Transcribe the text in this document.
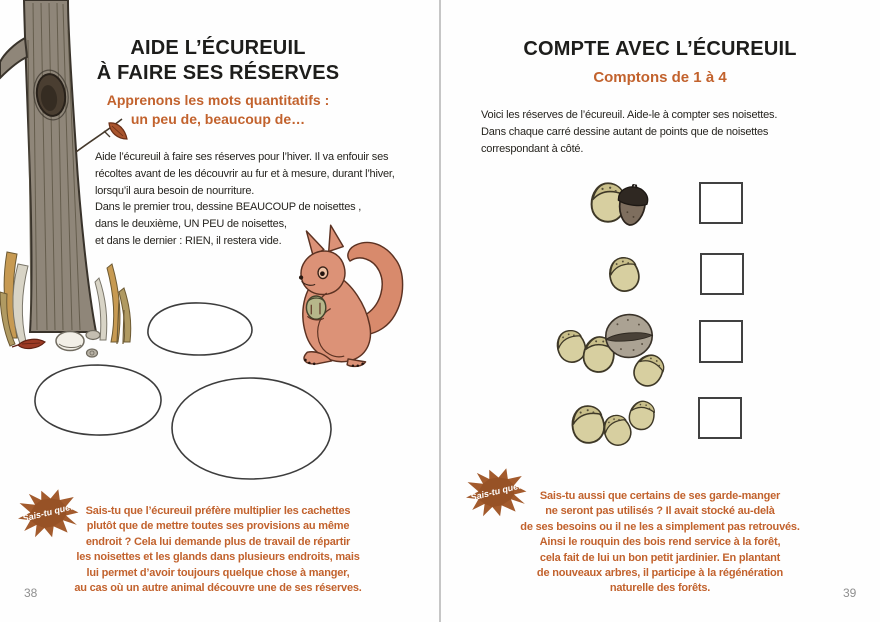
AIDE L’ÉCUREUIL
À FAIRE SES RÉSERVES
Apprenons les mots quantitatifs :
un peu de, beaucoup de…
Aide l’écureuil à faire ses réserves pour l’hiver. Il va enfouir ses
récoltes avant de les découvrir au fur et à mesure, durant l’hiver,
lorsqu’il aura besoin de nourriture.
Dans le premier trou, dessine BEAUCOUP de noisettes ,
dans le deuxième, UN PEU de noisettes,
et dans le dernier : RIEN, il restera vide.
Sais-tu que… Sais-tu que l’écureuil préfère multiplier les cachettes
plutôt que de mettre toutes ses provisions au même
endroit ? Cela lui demande plus de travail de répartir
les noisettes et les glands dans plusieurs endroits, mais
lui permet d’avoir toujours quelque chose à manger,
au cas où un autre animal découvre une de ses réserves.
38
COMPTE AVEC L’ÉCUREUIL
Comptons de 1 à 4
Voici les réserves de l’écureuil. Aide-le à compter ses noisettes.
Dans chaque carré dessine autant de points que de noisettes
correspondant à côté.
Sais-tu que…	Sais-tu aussi que certains de ses garde-manger
ne seront pas utilisés ? Il avait stocké au-delà
de ses besoins ou il ne les a simplement pas retrouvés.
Ainsi le rouquin des bois rend service à la forêt,
cela fait de lui un bon petit jardinier. En plantant
de nouveaux arbres, il participe à la régénération
naturelle des forêts.	39
